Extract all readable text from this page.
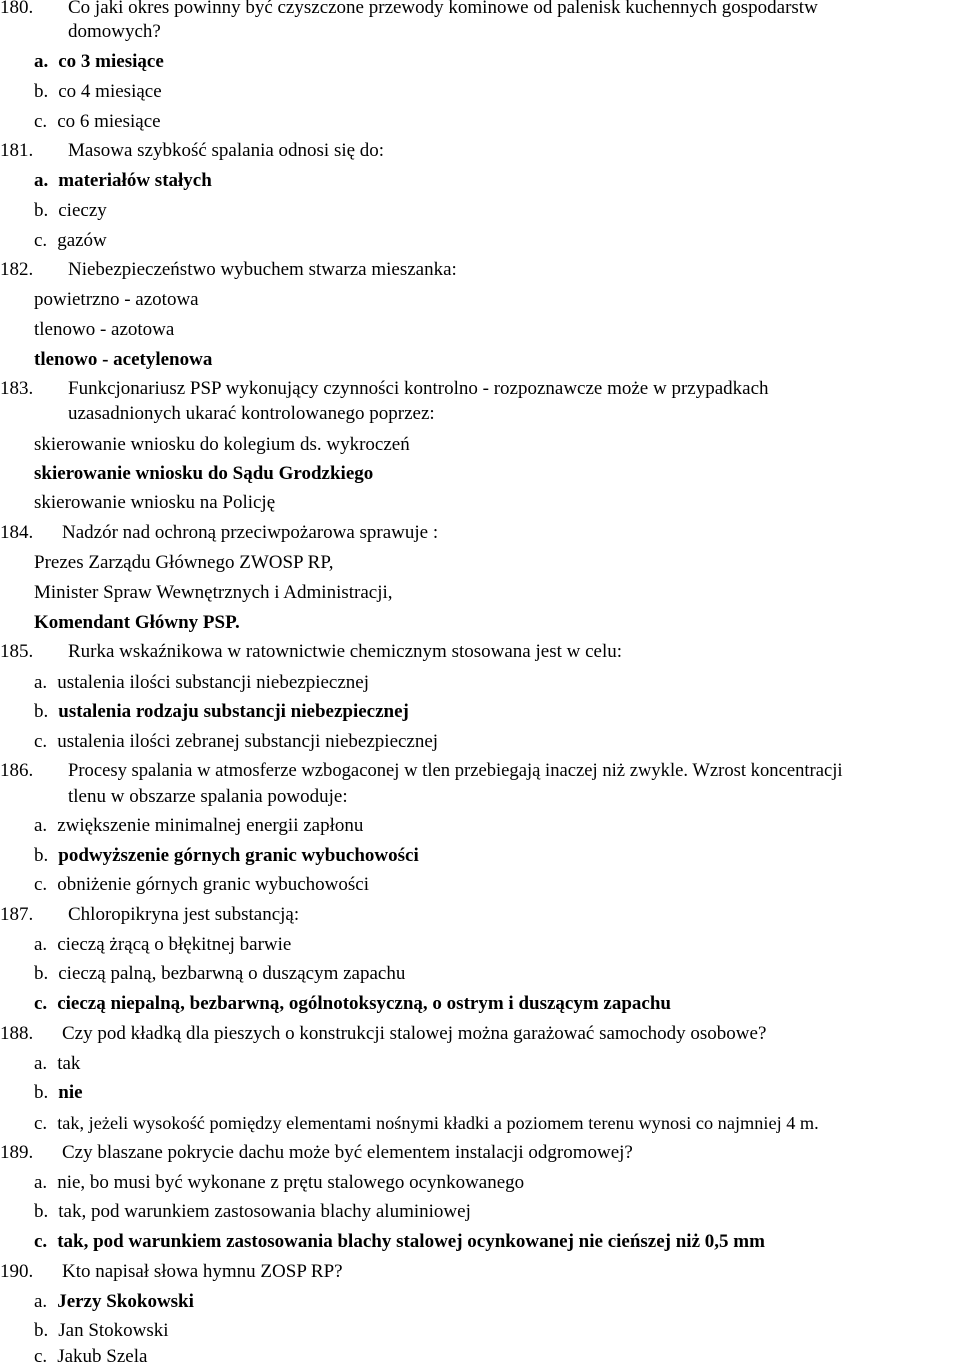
180. Co jaki okres powinny być czyszczone przewody kominowe od palenisk kuchennych gospodarstw
domowych?
a. co 3 miesiące
b. co 4 miesiące
c. co 6 miesiące
181. Masowa szybkość spalania odnosi się do:
a. materiałów stałych
b. cieczy
c. gazów
182. Niebezpieczeństwo wybuchem stwarza mieszanka:
powietrzno - azotowa
tlenowo - azotowa
tlenowo - acetylenowa
183. Funkcjonariusz PSP wykonujący czynności kontrolno - rozpoznawcze może w przypadkach
uzasadnionych ukarać kontrolowanego poprzez:
skierowanie wniosku do kolegium ds. wykroczeń
skierowanie wniosku do Sądu Grodzkiego
skierowanie wniosku na Policję
184. Nadzór nad ochroną przeciwpożarowa sprawuje :
Prezes Zarządu Głównego ZWOSP RP,
Minister Spraw Wewnętrznych i Administracji,
Komendant Główny PSP.
185. Rurka wskaźnikowa w ratownictwie chemicznym stosowana jest w celu:
a. ustalenia ilości substancji niebezpiecznej
b. ustalenia rodzaju substancji niebezpiecznej
c. ustalenia ilości zebranej substancji niebezpiecznej
186. Procesy spalania w atmosferze wzbogaconej w tlen przebiegają inaczej niż zwykle. Wzrost koncentracji
tlenu w obszarze spalania powoduje:
a. zwiększenie minimalnej energii zapłonu
b. podwyższenie górnych granic wybuchowości
c. obniżenie górnych granic wybuchowości
187. Chloropikryna jest substancją:
a. cieczą żrącą o błękitnej barwie
b. cieczą palną, bezbarwną o duszącym zapachu
c. cieczą niepalną, bezbarwną, ogólnotoksyczną, o ostrym i duszącym zapachu
188. Czy pod kładką dla pieszych o konstrukcji stalowej można garażować samochody osobowe?
a. tak
b. nie
c. tak, jeżeli wysokość pomiędzy elementami nośnymi kładki a poziomem terenu wynosi co najmniej 4 m.
189. Czy blaszane pokrycie dachu może być elementem instalacji odgromowej?
a. nie, bo musi być wykonane z prętu stalowego ocynkowanego
b. tak, pod warunkiem zastosowania blachy aluminiowej
c. tak, pod warunkiem zastosowania blachy stalowej ocynkowanej nie cieńszej niż 0,5 mm
190. Kto napisał słowa hymnu ZOSP RP?
a. Jerzy Skokowski
b. Jan Stokowski
c. Jakub Szela
